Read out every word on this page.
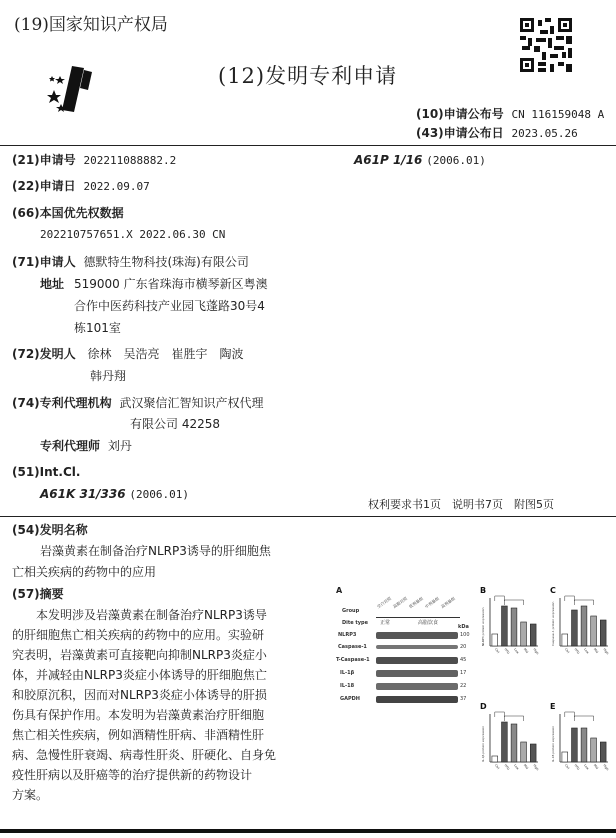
(19)国家知识产权局
(12)发明专利申请
(10)申请公布号 CN 116159048 A
(43)申请公布日 2023.05.26
(21)申请号 202211088882.2	A61P 1/16 (2006.01)
(22)申请日 2022.09.07
(66)本国优先权数据
202210757651.X 2022.06.30 CN
(71)申请人 德默特生物科技(珠海)有限公司
地址 519000 广东省珠海市横琴新区粤澳
合作中医药科技产业园飞蓬路30号4
栋101室
(72)发明人 徐林　吴浩亮　崔胜宇　陶波
韩丹翔
(74)专利代理机构 武汉聚信汇智知识产权代理
有限公司 42258
专利代理师 刘丹
(51)Int.Cl.
A61K 31/336 (2006.01)
权利要求书1页　说明书7页　附图5页
(54)发明名称
岩藻黄素在制备治疗NLRP3诱导的肝细胞焦
亡相关疾病的药物中的应用
(57)摘要
本发明涉及岩藻黄素在制备治疗NLRP3诱导
的肝细胞焦亡相关疾病的药物中的应用。实验研
究表明，岩藻黄素可直接靶向抑制NLRP3炎症小
体，并减轻由NLRP3炎症小体诱导的肝细胞焦亡
和胶原沉积，因而对NLRP3炎症小体诱导的肝损
伤具有保护作用。本发明为岩藻黄素治疗肝细胞
焦亡相关性疾病，例如酒精性肝病、非酒精性肝
病、急慢性肝衰竭、病毒性肝炎、肝硬化、自身免
疫性肝病以及肝癌等的治疗提供新的药物设计
方案。
A
Group
Dite type
空白对照 高脂对照 低剂量组 中剂量组 高剂量组
正常	高脂饮食
kDa
NLRP3	100
Caspase-1	20
T-Caspase-1	45
IL-1β	17
IL-18	22
GAPDH	37
B
NLRP3 protein expression
Ctrl HFD Low Mid High
C
Caspase-1 protein expression
Ctrl HFD Low Mid High
D
IL-1β protein expression
Ctrl HFD Low Mid High
E
IL-18 protein expression
Ctrl HFD Low Mid High
